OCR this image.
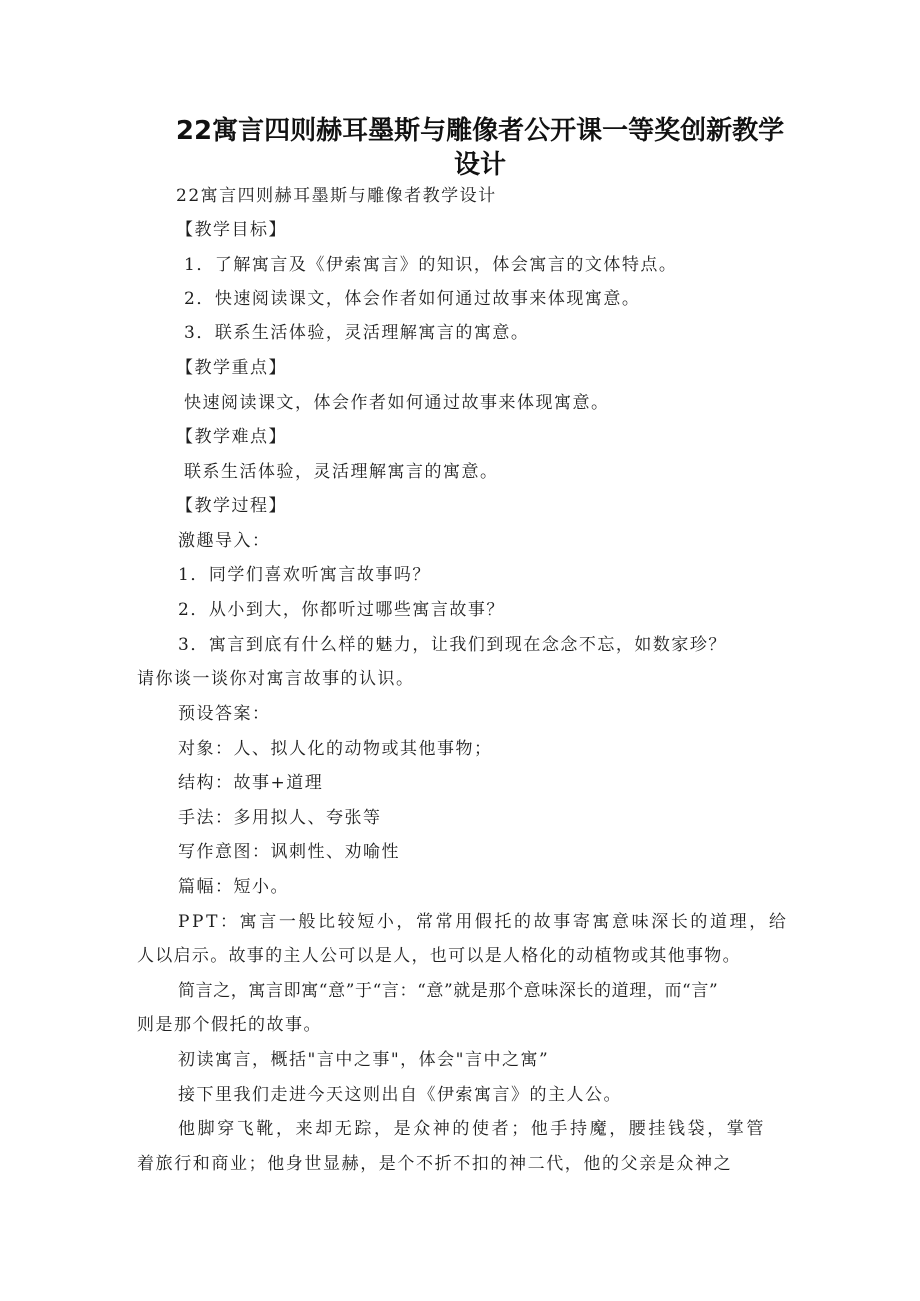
22寓言四则赫耳墨斯与雕像者公开课一等奖创新教学
设计
22寓言四则赫耳墨斯与雕像者教学设计
【教学目标】
1．了解寓言及《伊索寓言》的知识，体会寓言的文体特点。
2．快速阅读课文，体会作者如何通过故事来体现寓意。
3．联系生活体验，灵活理解寓言的寓意。
【教学重点】
快速阅读课文，体会作者如何通过故事来体现寓意。
【教学难点】
联系生活体验，灵活理解寓言的寓意。
【教学过程】
激趣导入：
1．同学们喜欢听寓言故事吗？
2．从小到大，你都听过哪些寓言故事？
3．寓言到底有什么样的魅力，让我们到现在念念不忘，如数家珍？
请你谈一谈你对寓言故事的认识。
预设答案：
对象：人、拟人化的动物或其他事物；
结构：故事+道理
手法：多用拟人、夸张等
写作意图：讽刺性、劝喻性
篇幅：短小。
PPT：寓言一般比较短小，常常用假托的故事寄寓意味深长的道理，给
人以启示。故事的主人公可以是人，也可以是人格化的动植物或其他事物。
简言之，寓言即寓“意”于“言：“意”就是那个意味深长的道理，而“言”
则是那个假托的故事。
初读寓言，概括"言中之事"，体会"言中之寓”
接下里我们走进今天这则出自《伊索寓言》的主人公。
他脚穿飞靴，来却无踪，是众神的使者；他手持魔，腰挂钱袋，掌管
着旅行和商业；他身世显赫，是个不折不扣的神二代，他的父亲是众神之
